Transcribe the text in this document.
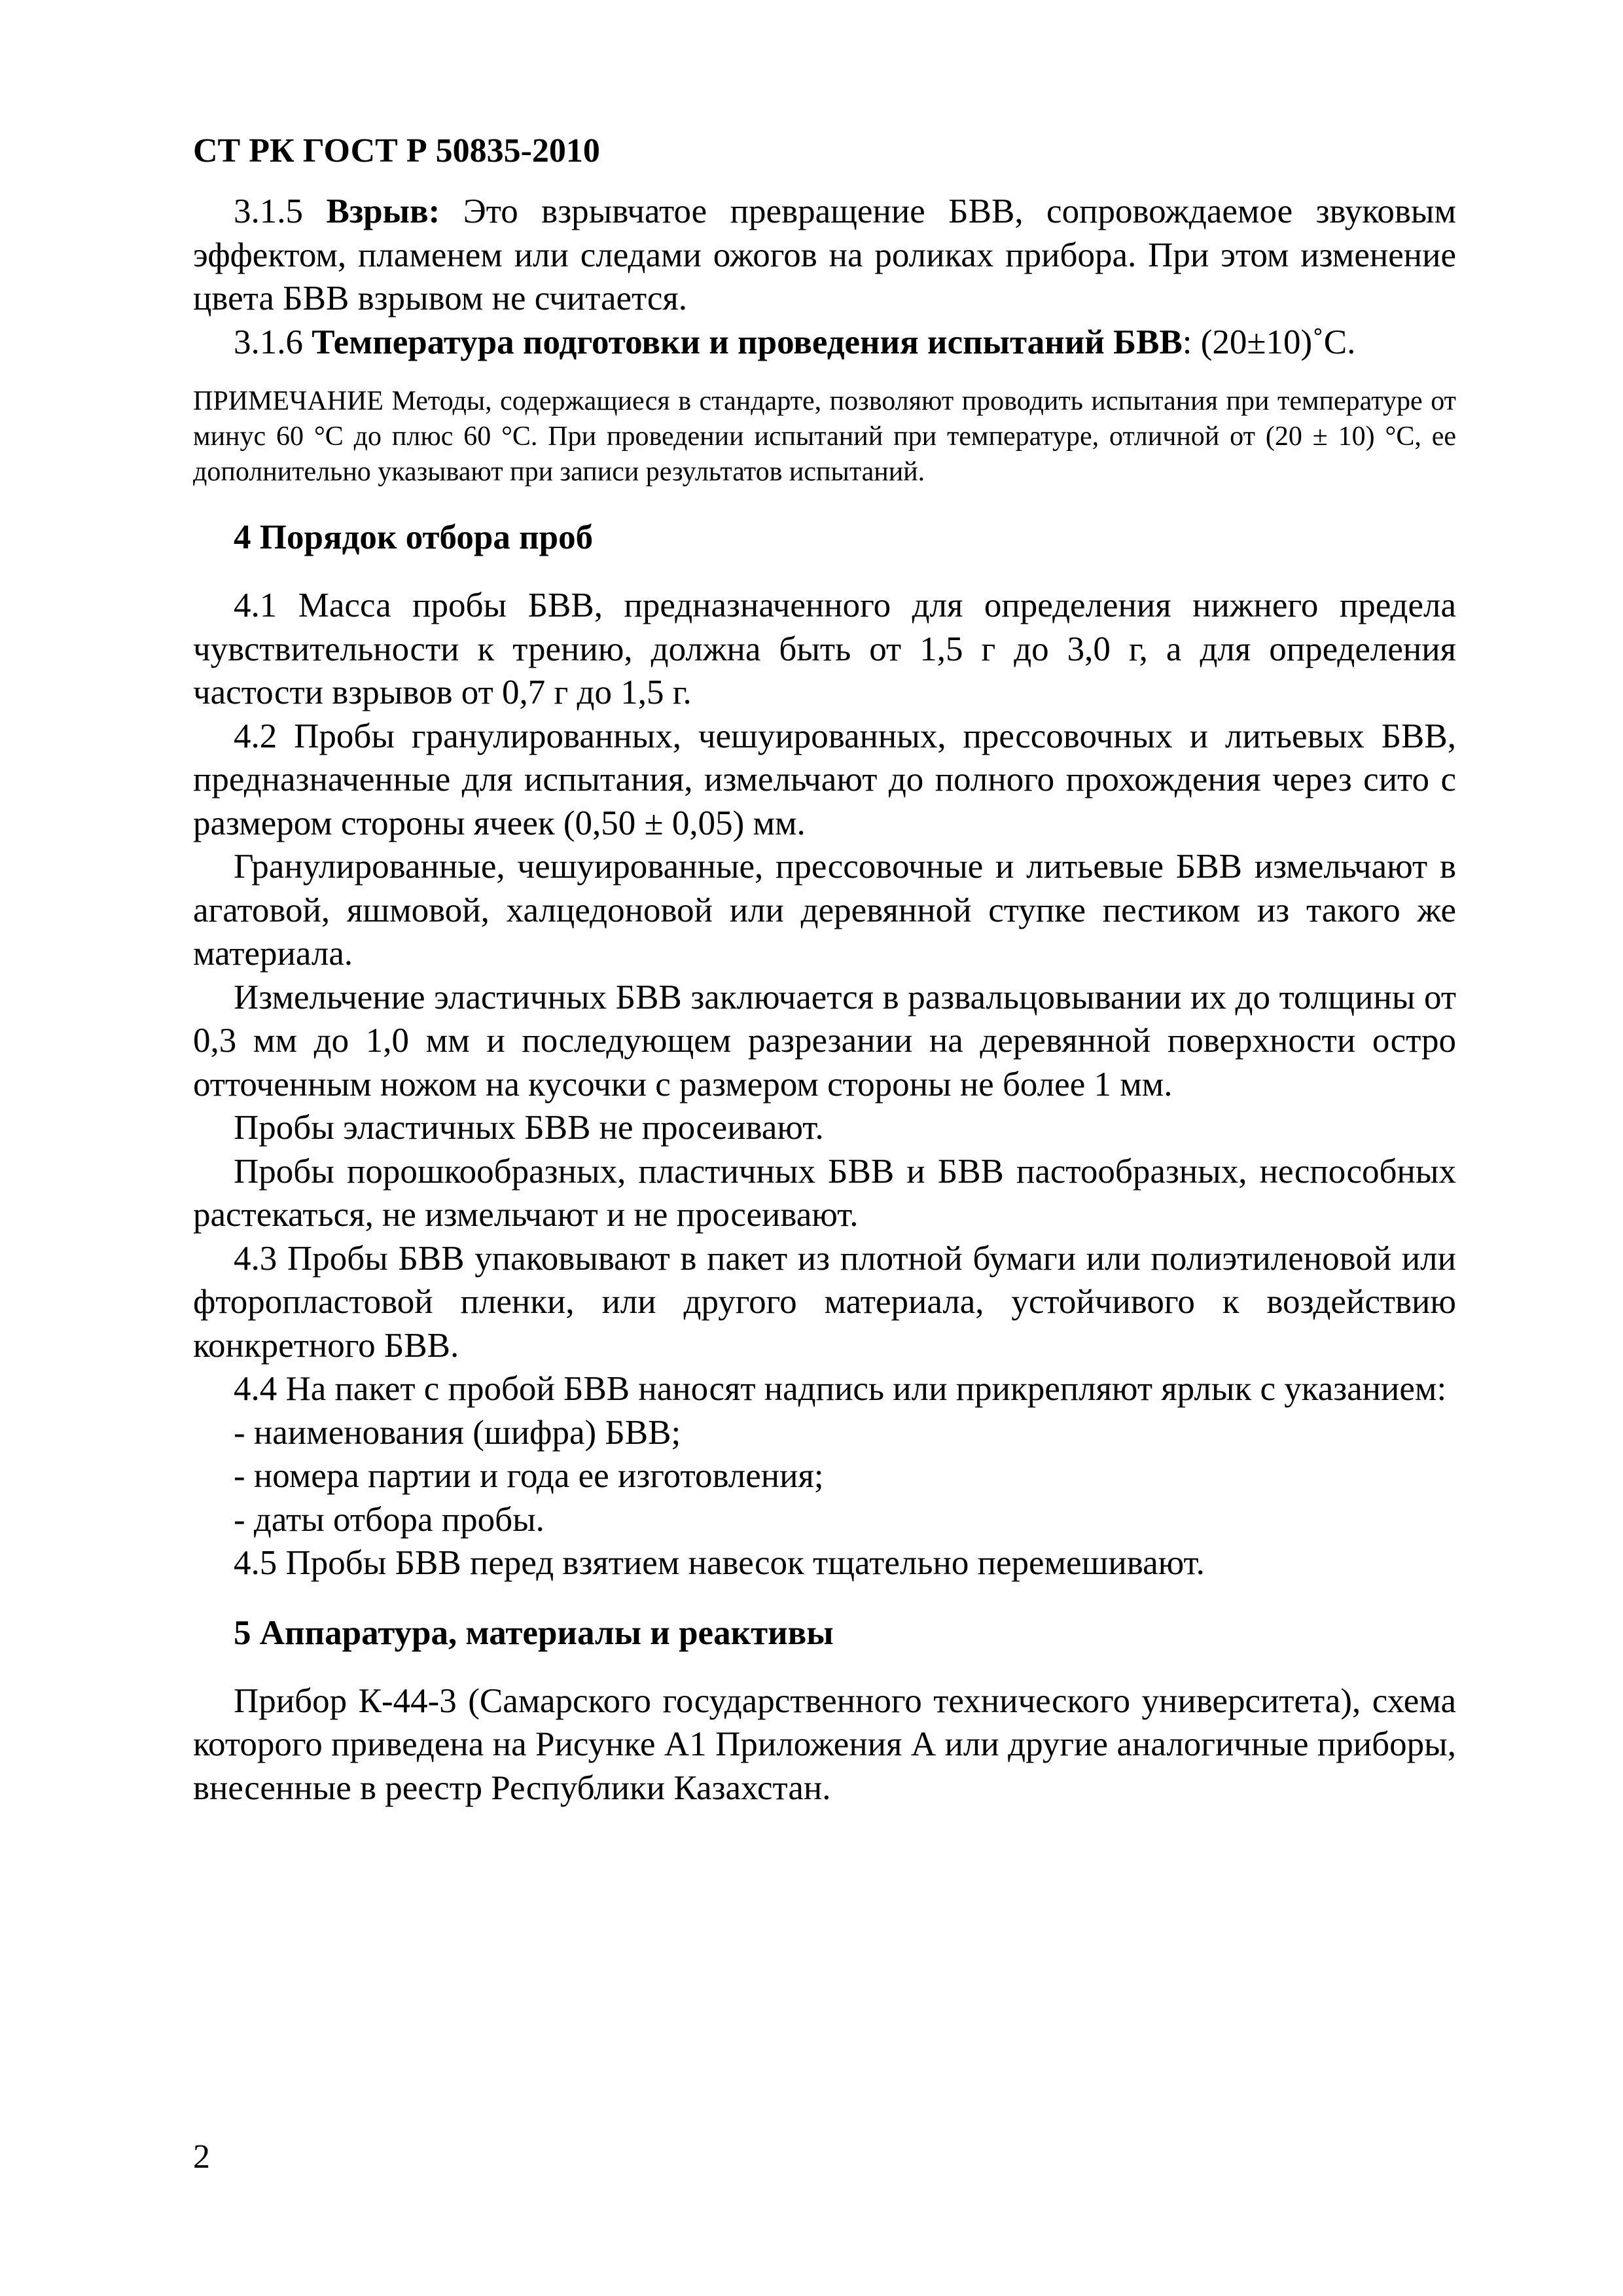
СТ РК ГОСТ Р 50835-2010

3.1.5 Взрыв: Это взрывчатое превращение БВВ, сопровождаемое звуковым эффектом, пламенем или следами ожогов на роликах прибора. При этом изменение цвета БВВ взрывом не считается.

3.1.6 Температура подготовки и проведения испытаний БВВ: (20±10)˚С.

ПРИМЕЧАНИЕ Методы, содержащиеся в стандарте, позволяют проводить испытания при температуре от минус 60 °С до плюс 60 °С. При проведении испытаний при температуре, отличной от (20 ± 10) °С, ее дополнительно указывают при записи результатов испытаний.

4 Порядок отбора проб

4.1 Масса пробы БВВ, предназначенного для определения нижнего предела чувствительности к трению, должна быть от 1,5 г до 3,0 г, а для определения частости взрывов от 0,7 г до 1,5 г.

4.2 Пробы гранулированных, чешуированных, прессовочных и литьевых БВВ, предназначенные для испытания, измельчают до полного прохождения через сито с размером стороны ячеек (0,50 ± 0,05) мм.

Гранулированные, чешуированные, прессовочные и литьевые БВВ измельчают в агатовой, яшмовой, халцедоновой или деревянной ступке пестиком из такого же материала.

Измельчение эластичных БВВ заключается в развальцовывании их до толщины от 0,3 мм до 1,0 мм и последующем разрезании на деревянной поверхности остро отточенным ножом на кусочки с размером стороны не более 1 мм.

Пробы эластичных БВВ не просеивают.

Пробы порошкообразных, пластичных БВВ и БВВ пастообразных, неспособных растекаться, не измельчают и не просеивают.

4.3 Пробы БВВ упаковывают в пакет из плотной бумаги или полиэтиленовой или фторопластовой пленки, или другого материала, устойчивого к воздействию конкретного БВВ.

4.4 На пакет с пробой БВВ наносят надпись или прикрепляют ярлык с указанием:

- наименования (шифра) БВВ;

- номера партии и года ее изготовления;

- даты отбора пробы.

4.5 Пробы БВВ перед взятием навесок тщательно перемешивают.

5 Аппаратура, материалы и реактивы

Прибор К-44-3 (Самарского государственного технического университета), схема которого приведена на Рисунке А1 Приложения А или другие аналогичные приборы, внесенные в реестр Республики Казахстан.

2
